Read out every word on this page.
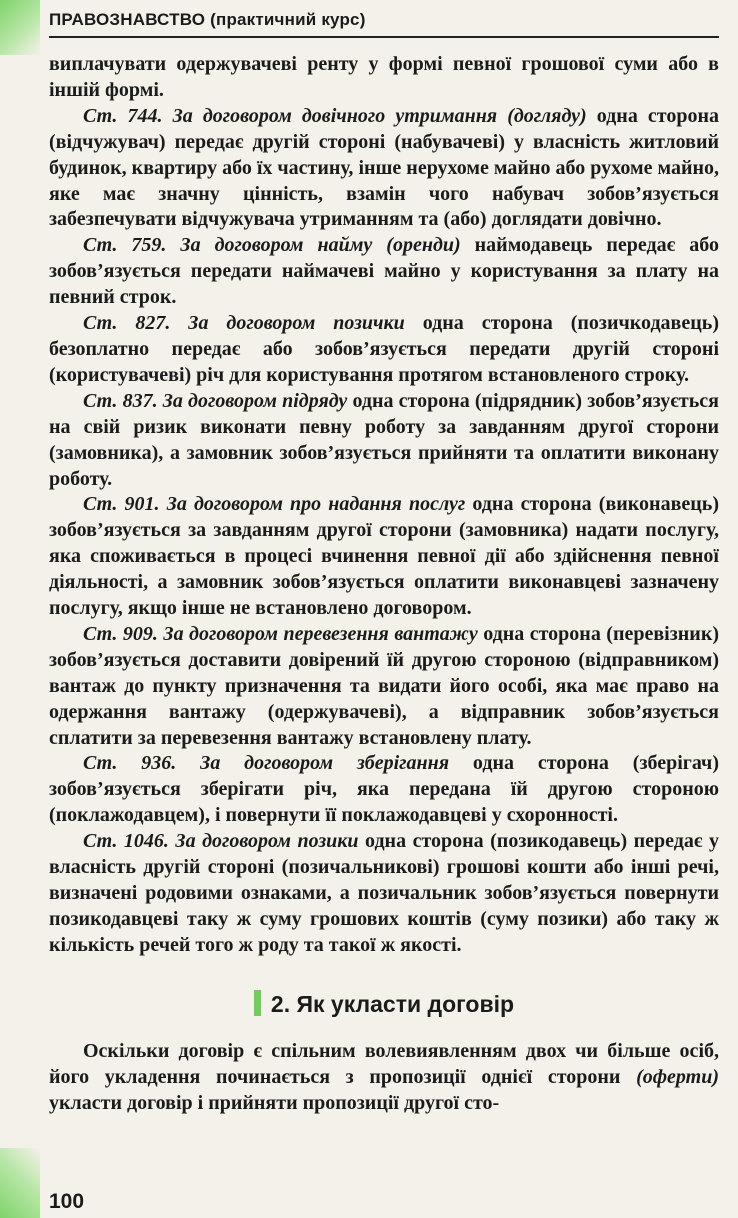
ПРАВОЗНАВСТВО (практичний курс)

виплачувати одержувачеві ренту у формі певної грошової суми або в іншій формі.

Ст. 744. За договором довічного утримання (догляду) одна сторона (відчужувач) передає другій стороні (набувачеві) у власність житловий будинок, квартиру або їх частину, інше нерухоме майно або рухоме майно, яке має значну цінність, взамін чого набувач зобов’язується забезпечувати відчужувача утриманням та (або) доглядати довічно.

Ст. 759. За договором найму (оренди) наймодавець передає або зобов’язується передати наймачеві майно у користування за плату на певний строк.

Ст. 827. За договором позички одна сторона (позичкодавець) безоплатно передає або зобов’язується передати другій стороні (користувачеві) річ для користування протягом встановленого строку.

Ст. 837. За договором підряду одна сторона (підрядник) зобов’язується на свій ризик виконати певну роботу за завданням другої сторони (замовника), а замовник зобов’язується прийняти та оплатити виконану роботу.

Ст. 901. За договором про надання послуг одна сторона (виконавець) зобов’язується за завданням другої сторони (замовника) надати послугу, яка споживається в процесі вчинення певної дії або здійснення певної діяльності, а замовник зобов’язується оплатити виконавцеві зазначену послугу, якщо інше не встановлено договором.

Ст. 909. За договором перевезення вантажу одна сторона (перевізник) зобов’язується доставити довірений їй другою стороною (відправником) вантаж до пункту призначення та видати його особі, яка має право на одержання вантажу (одержувачеві), а відправник зобов’язується сплатити за перевезення вантажу встановлену плату.

Ст. 936. За договором зберігання одна сторона (зберігач) зобов’язується зберігати річ, яка передана їй другою стороною (поклажодавцем), і повернути її поклажодавцеві у схоронності.

Ст. 1046. За договором позики одна сторона (позикодавець) передає у власність другій стороні (позичальникові) грошові кошти або інші речі, визначені родовими ознаками, а позичальник зобов’язується повернути позикодавцеві таку ж суму грошових коштів (суму позики) або таку ж кількість речей того ж роду та такої ж якості.

2. Як укласти договір

Оскільки договір є спільним волевиявленням двох чи більше осіб, його укладення починається з пропозиції однієї сторони (оферти) укласти договір і прийняти пропозиції другої сто-

100
